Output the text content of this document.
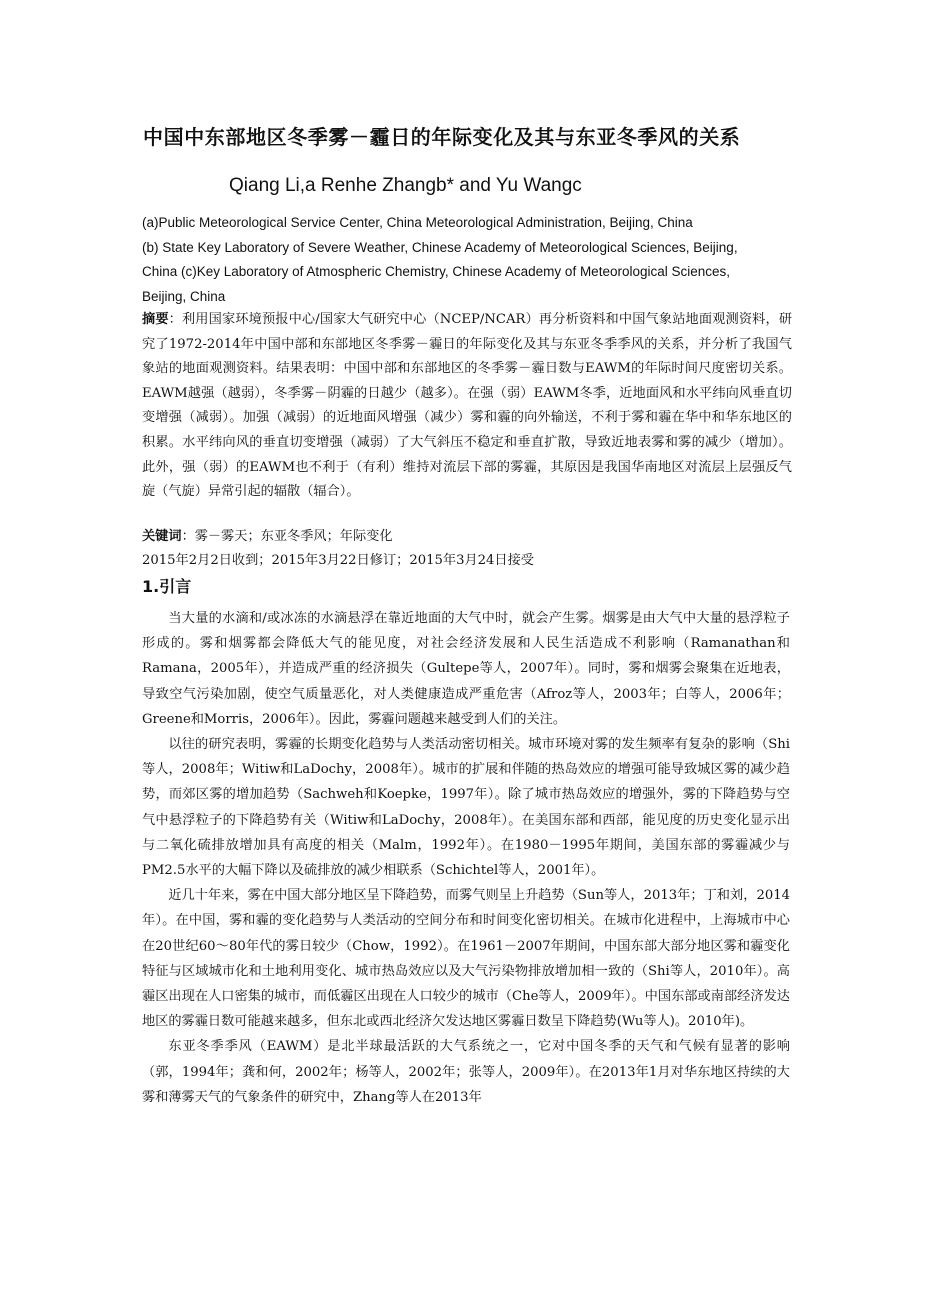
中国中东部地区冬季雾－霾日的年际变化及其与东亚冬季风的关系
Qiang Li,a Renhe Zhangb* and Yu Wangc
(a)Public Meteorological Service Center, China Meteorological Administration, Beijing, China
(b) State Key Laboratory of Severe Weather, Chinese Academy of Meteorological Sciences, Beijing,
China (c)Key Laboratory of Atmospheric Chemistry, Chinese Academy of Meteorological Sciences,
Beijing, China
摘要：利用国家环境预报中心/国家大气研究中心（NCEP/NCAR）再分析资料和中国气象站地面观测资料，研究了1972-2014年中国中部和东部地区冬季雾－霾日的年际变化及其与东亚冬季季风的关系，并分析了我国气象站的地面观测资料。结果表明：中国中部和东部地区的冬季雾－霾日数与EAWM的年际时间尺度密切关系。EAWM越强（越弱），冬季雾－阴霾的日越少（越多）。在强（弱）EAWM冬季，近地面风和水平纬向风垂直切变增强（减弱）。加强（减弱）的近地面风增强（减少）雾和霾的向外输送，不利于雾和霾在华中和华东地区的积累。水平纬向风的垂直切变增强（减弱）了大气斜压不稳定和垂直扩散，导致近地表雾和雾的减少（增加）。此外，强（弱）的EAWM也不利于（有利）维持对流层下部的雾霾，其原因是我国华南地区对流层上层强反气旋（气旋）异常引起的辐散（辐合）。
关键词：雾－雾天；东亚冬季风；年际变化
2015年2月2日收到；2015年3月22日修订；2015年3月24日接受
1.引言

当大量的水滴和/或冰冻的水滴悬浮在靠近地面的大气中时，就会产生雾。烟雾是由大气中大量的悬浮粒子形成的。雾和烟雾都会降低大气的能见度，对社会经济发展和人民生活造成不利影响（Ramanathan和Ramana，2005年），并造成严重的经济损失（Gultepe等人，2007年）。同时，雾和烟雾会聚集在近地表，导致空气污染加剧，使空气质量恶化，对人类健康造成严重危害（Afroz等人，2003年；白等人，2006年；Greene和Morris，2006年）。因此，雾霾问题越来越受到人们的关注。

以往的研究表明，雾霾的长期变化趋势与人类活动密切相关。城市环境对雾的发生频率有复杂的影响（Shi等人，2008年；Witiw和LaDochy，2008年）。城市的扩展和伴随的热岛效应的增强可能导致城区雾的减少趋势，而郊区雾的增加趋势（Sachweh和Koepke，1997年）。除了城市热岛效应的增强外，雾的下降趋势与空气中悬浮粒子的下降趋势有关（Witiw和LaDochy，2008年）。在美国东部和西部，能见度的历史变化显示出与二氧化硫排放增加具有高度的相关（Malm，1992年）。在1980－1995年期间，美国东部的雾霾减少与PM2.5水平的大幅下降以及硫排放的减少相联系（Schichtel等人，2001年）。

近几十年来，雾在中国大部分地区呈下降趋势，而雾气则呈上升趋势（Sun等人，2013年；丁和刘，2014年）。在中国，雾和霾的变化趋势与人类活动的空间分布和时间变化密切相关。在城市化进程中，上海城市中心在20世纪60～80年代的雾日较少（Chow，1992）。在1961－2007年期间，中国东部大部分地区雾和霾变化特征与区域城市化和土地利用变化、城市热岛效应以及大气污染物排放增加相一致的（Shi等人，2010年）。高霾区出现在人口密集的城市，而低霾区出现在人口较少的城市（Che等人，2009年）。中国东部或南部经济发达地区的雾霾日数可能越来越多，但东北或西北经济欠发达地区雾霾日数呈下降趋势(Wu等人)。2010年)。

东亚冬季季风（EAWM）是北半球最活跃的大气系统之一，它对中国冬季的天气和气候有显著的影响（郭，1994年；龚和何，2002年；杨等人，2002年；张等人，2009年）。在2013年1月对华东地区持续的大雾和薄雾天气的气象条件的研究中，Zhang等人在2013年
